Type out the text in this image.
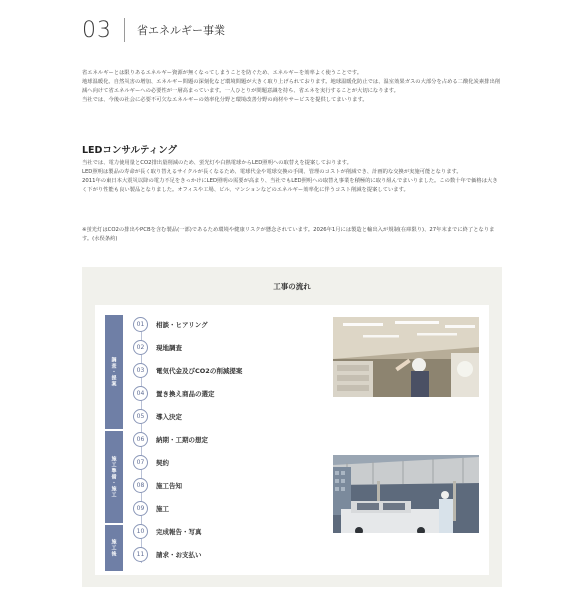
03 省エネルギー事業

省エネルギーとは限りあるエネルギー資源が無くなってしまうことを防ぐため、エネルギーを効率よく使うことです。
地球温暖化、自然災害の増加、エネルギー問題の深刻化など環境問題が大きく取り上げられております。地球温暖化防止では、温室効果ガスの大部分を占める二酸化炭素排出削減へ向けて省エネルギーへの必要性が一層高まっています。一人ひとりが問題意識を持ち、省エネを実行することが大切になります。
当社では、今後の社会に必要不可欠なエネルギーの効率化分野と環境改善分野の商材やサービスを提供してまいります。

LEDコンサルティング

当社では、電力使用量とCO2排出量削減のため、蛍光灯や白熱電球からLED照明への取替えを提案しております。
LED照明は製品の寿命が長く取り替えるサイクルが長くなるため、電球代金や電球交換の手間、管理のコストが削減でき、計画的な交換が実施可能となります。
2011年の東日本大震災以降の電力不足をきっかけにLED照明の需要が高まり、当社でもLED照明への取替え事業を積極的に取り組んでまいりました。この数十年で価格は大きく下がり性能も良い製品となりました。オフィスや工場、ビル、マンションなどのエネルギー効率化に伴うコスト削減を提案しています。

※蛍光灯はCO2の排出やPCBを含む製品(一部)であるため環境や健康リスクが懸念されています。2026年1月には製造と輸出入が規制(在庫限り)、27年末までに終了となります。(水俣条約)

工事の流れ
調査・提案
施工準備・施工
施工後
01	相談・ヒアリング
02	現地調査
03	電気代金及びCO2の削減提案
04	置き換え商品の選定
05	導入決定
06	納期・工期の想定
07	契約
08	施工告知
09	施工
10	完成報告・写真
11	請求・お支払い
